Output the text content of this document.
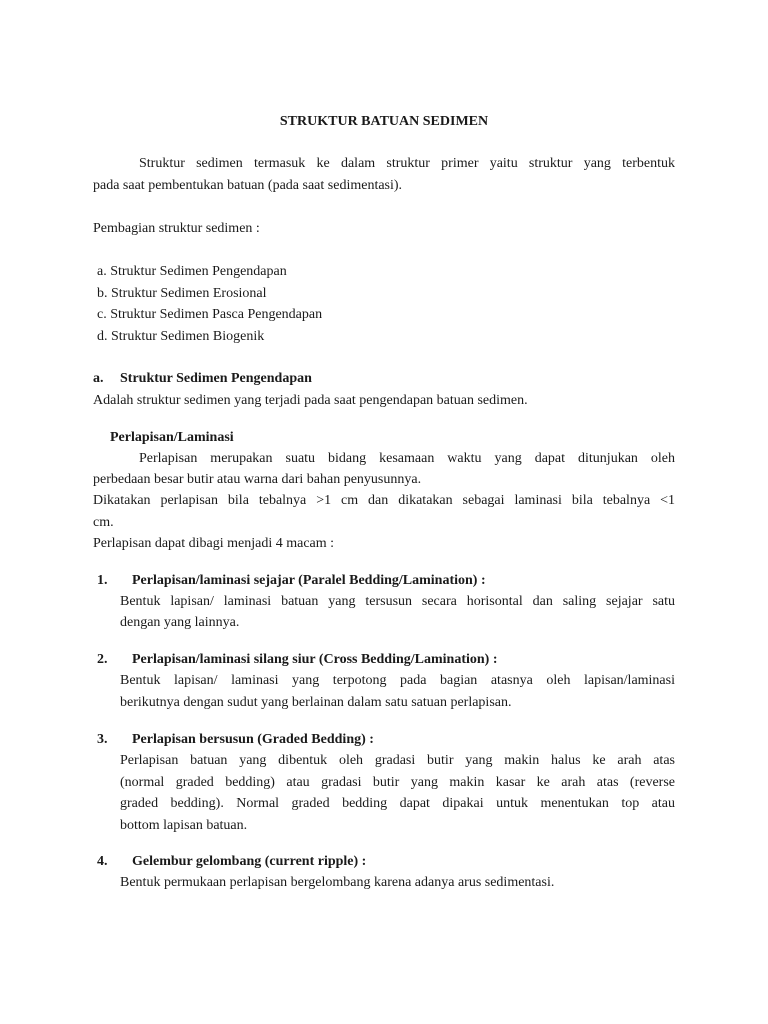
STRUKTUR BATUAN SEDIMEN
Struktur sedimen termasuk ke dalam struktur primer yaitu struktur yang terbentuk
pada saat pembentukan batuan (pada saat sedimentasi).
Pembagian struktur sedimen :
a. Struktur Sedimen Pengendapan
b. Struktur Sedimen Erosional
c. Struktur Sedimen Pasca Pengendapan
d. Struktur Sedimen Biogenik
a. Struktur Sedimen Pengendapan
Adalah struktur sedimen yang terjadi pada saat pengendapan batuan sedimen.
Perlapisan/Laminasi
Perlapisan merupakan suatu bidang kesamaan waktu yang dapat ditunjukan oleh
perbedaan besar butir atau warna dari bahan penyusunnya.
Dikatakan perlapisan bila tebalnya >1 cm dan dikatakan sebagai laminasi bila tebalnya <1
cm.
Perlapisan dapat dibagi menjadi 4 macam :
1. Perlapisan/laminasi sejajar (Paralel Bedding/Lamination) :
Bentuk lapisan/ laminasi batuan yang tersusun secara horisontal dan saling sejajar satu
dengan yang lainnya.
2. Perlapisan/laminasi silang siur (Cross Bedding/Lamination) :
Bentuk lapisan/ laminasi yang terpotong pada bagian atasnya oleh lapisan/laminasi
berikutnya dengan sudut yang berlainan dalam satu satuan perlapisan.
3. Perlapisan bersusun (Graded Bedding) :
Perlapisan batuan yang dibentuk oleh gradasi butir yang makin halus ke arah atas
(normal graded bedding) atau gradasi butir yang makin kasar ke arah atas (reverse
graded bedding). Normal graded bedding dapat dipakai untuk menentukan top atau
bottom lapisan batuan.
4. Gelembur gelombang (current ripple) :
Bentuk permukaan perlapisan bergelombang karena adanya arus sedimentasi.
